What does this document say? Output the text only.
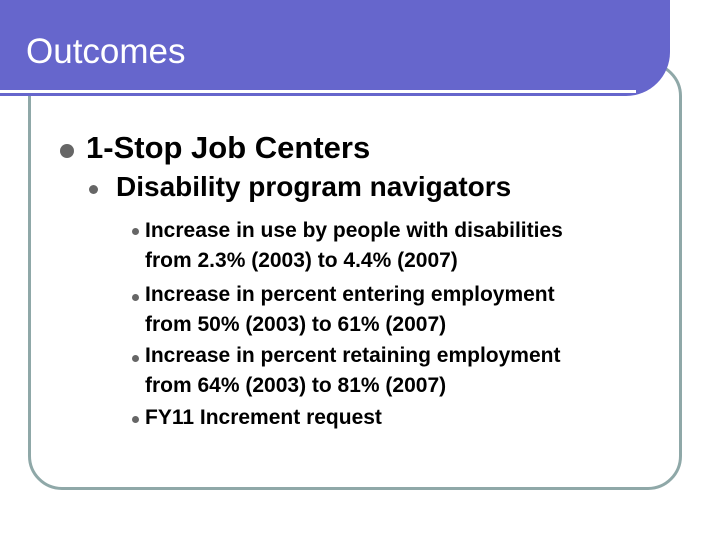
Outcomes
1-Stop Job Centers
Disability program navigators
Increase in use by people with disabilities
from 2.3% (2003) to 4.4% (2007)
Increase in percent entering employment
from 50% (2003) to 61% (2007)
Increase in percent retaining employment
from 64% (2003) to 81% (2007)
FY11 Increment request
